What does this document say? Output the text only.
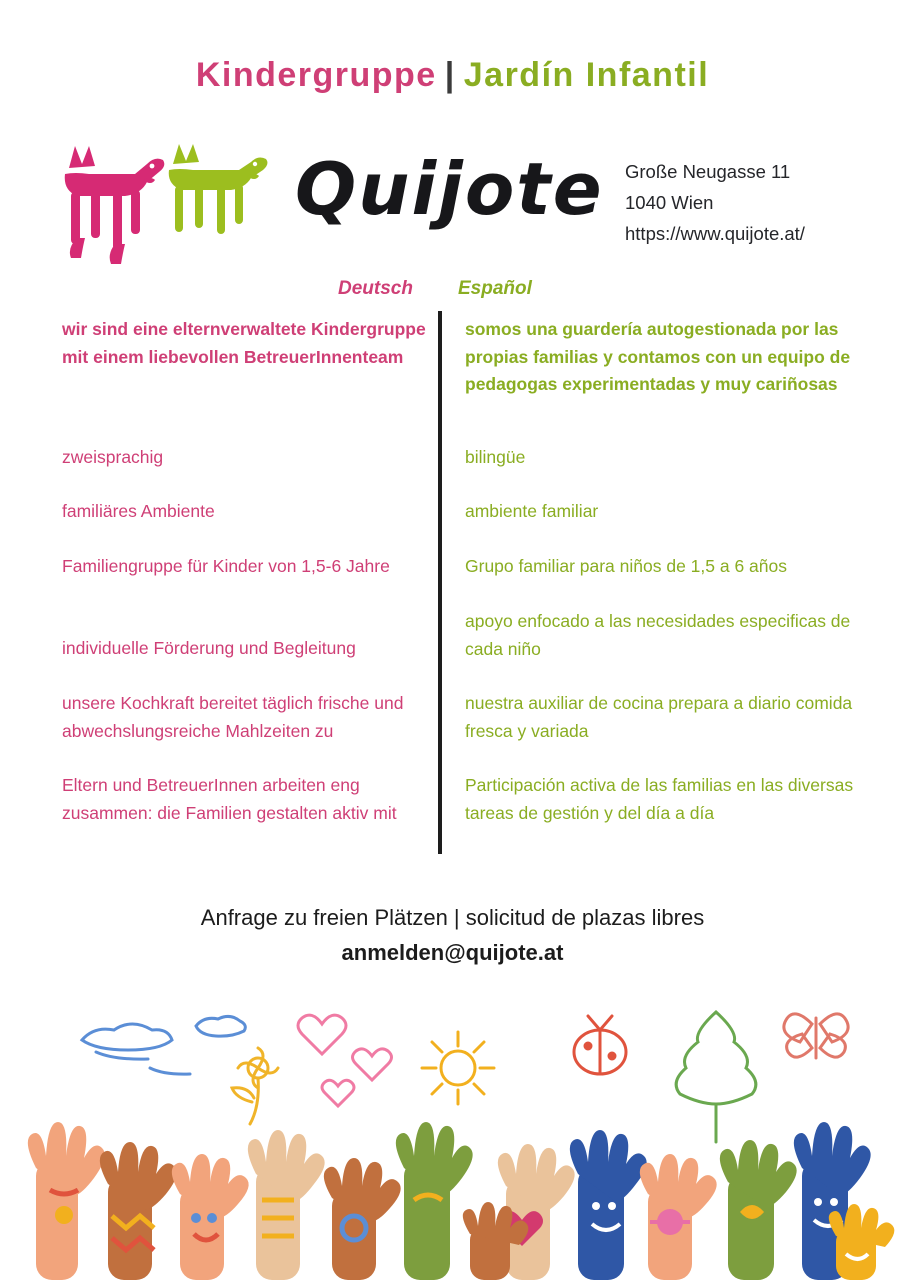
Kindergruppe | Jardín Infantil
Quijote Große Neugasse 11
1040 Wien
https://www.quijote.at/
Deutsch Español
wir sind eine elternverwaltete Kindergruppe mit einem liebevollen BetreuerInnenteam
zweisprachig
familiäres Ambiente
Familiengruppe für Kinder von 1,5-6 Jahre
individuelle Förderung und Begleitung
unsere Kochkraft bereitet täglich frische und abwechslungsreiche Mahlzeiten zu
Eltern und BetreuerInnen arbeiten eng zusammen: die Familien gestalten aktiv mit
somos una guardería autogestionada por las propias familias y contamos con un equipo de pedagogas experimentadas y muy cariñosas
bilingüe
ambiente familiar
Grupo familiar para niños de 1,5 a 6 años
apoyo enfocado a las necesidades especificas de cada niño
nuestra auxiliar de cocina prepara a diario comida fresca y variada
Participación activa de las familias en las diversas tareas de gestión y del día a día
Anfrage zu freien Plätzen | solicitud de plazas libres
anmelden@quijote.at
